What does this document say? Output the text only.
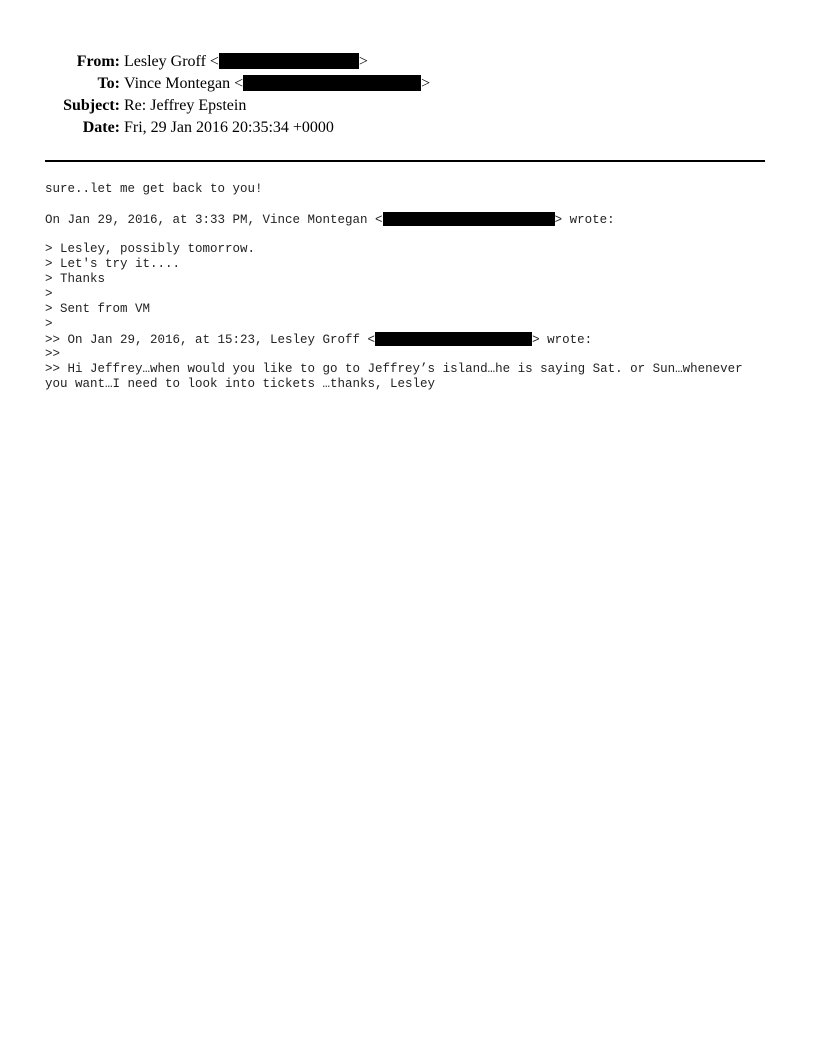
From: Lesley Groff <	>
To: Vince Montegan <	>
Subject: Re: Jeffrey Epstein
Date: Fri, 29 Jan 2016 20:35:34 +0000
sure..let me get back to you!
On Jan 29, 2016, at 3:33 PM, Vince Montegan <	> wrote:
> Lesley, possibly tomorrow.
> Let's try it....
> Thanks
>
> Sent from VM
>
>> On Jan 29, 2016, at 15:23, Lesley Groff <	> wrote:
>>
>> Hi Jeffrey…when would you like to go to Jeffrey’s island…he is saying Sat. or Sun…whenever
you want…I need to look into tickets …thanks, Lesley
